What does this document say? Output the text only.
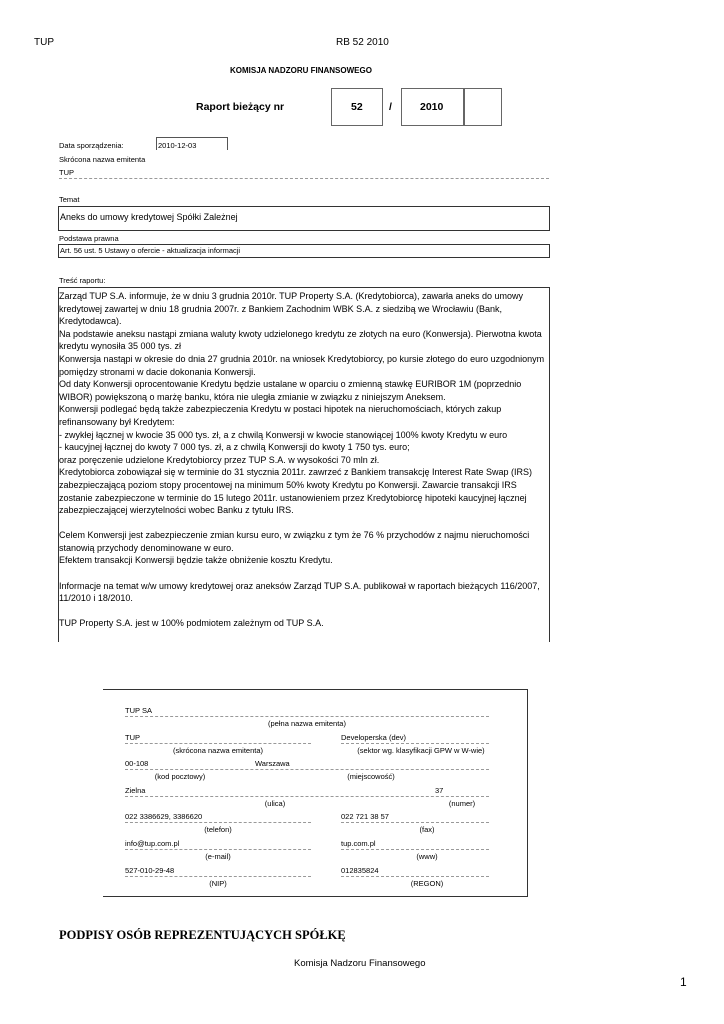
TUP	RB 52 2010
KOMISJA NADZORU FINANSOWEGO
Raport bieżący nr	52	/	2010
Data sporządzenia:	2010-12-03
Skrócona nazwa emitenta
TUP
Temat
Aneks do umowy kredytowej Spółki Zależnej
Podstawa prawna
Art. 56 ust. 5 Ustawy o ofercie - aktualizacja informacji
Treść raportu:

Zarząd TUP S.A. informuje, że w dniu 3 grudnia 2010r. TUP Property S.A. (Kredytobiorca), zawarła aneks do umowy kredytowej zawartej w dniu 18 grudnia 2007r. z Bankiem Zachodnim WBK S.A. z siedzibą we Wrocławiu (Bank, Kredytodawca).

Na podstawie aneksu nastąpi zmiana waluty kwoty udzielonego kredytu ze złotych na euro (Konwersja). Pierwotna kwota kredytu wynosiła 35 000 tys. zł

Konwersja nastąpi w okresie do dnia 27 grudnia 2010r. na wniosek Kredytobiorcy, po kursie złotego do euro uzgodnionym pomiędzy stronami w dacie dokonania Konwersji.

Od daty Konwersji oprocentowanie Kredytu będzie ustalane w oparciu o zmienną stawkę EURIBOR 1M (poprzednio WIBOR) powiększoną o marżę banku, która nie uległa zmianie w związku z niniejszym Aneksem.

Konwersji podlegać będą także zabezpieczenia Kredytu w postaci hipotek na nieruchomościach, których zakup refinansowany był Kredytem:

- zwykłej łącznej w kwocie 35 000 tys. zł, a z chwilą Konwersji w kwocie stanowiącej 100% kwoty Kredytu w euro

- kaucyjnej łącznej do kwoty 7 000 tys. zł, a z chwilą Konwersji do kwoty 1 750 tys. euro;

oraz poręczenie udzielone Kredytobiorcy przez TUP S.A. w wysokości 70 mln zł.

Kredytobiorca zobowiązał się w terminie do 31 stycznia 2011r. zawrzeć z Bankiem transakcję Interest Rate Swap (IRS) zabezpieczającą poziom stopy procentowej na minimum 50% kwoty Kredytu po Konwersji. Zawarcie transakcji IRS zostanie zabezpieczone w terminie do 15 lutego 2011r. ustanowieniem przez Kredytobiorcę hipoteki kaucyjnej łącznej zabezpieczającej wierzytelności wobec Banku z tytułu IRS.

Celem Konwersji jest zabezpieczenie zmian kursu euro, w związku z tym że 76 % przychodów z najmu nieruchomości stanowią przychody denominowane w euro.

Efektem transakcji Konwersji będzie także obniżenie kosztu Kredytu.

Informacje na temat w/w umowy kredytowej oraz aneksów Zarząd TUP S.A. publikował w raportach bieżących 116/2007, 11/2010 i 18/2010.

TUP Property S.A. jest w 100% podmiotem zależnym od TUP S.A.

TUP SA
(pełna nazwa emitenta)
TUP	Developerska (dev)
(skrócona nazwa emitenta)	(sektor wg. klasyfikacji GPW w W-wie)
00-108	Warszawa
(kod pocztowy)	(miejscowość)
Zielna	37
(ulica)	(numer)
022 3386629, 3386620	022 721 38 57
(telefon)	(fax)
info@tup.com.pl	tup.com.pl
(e-mail)	(www)
527-010-29-48	012835824
(NIP)	(REGON)
PODPISY OSÓB REPREZENTUJĄCYCH SPÓŁKĘ
Komisja Nadzoru Finansowego
1
